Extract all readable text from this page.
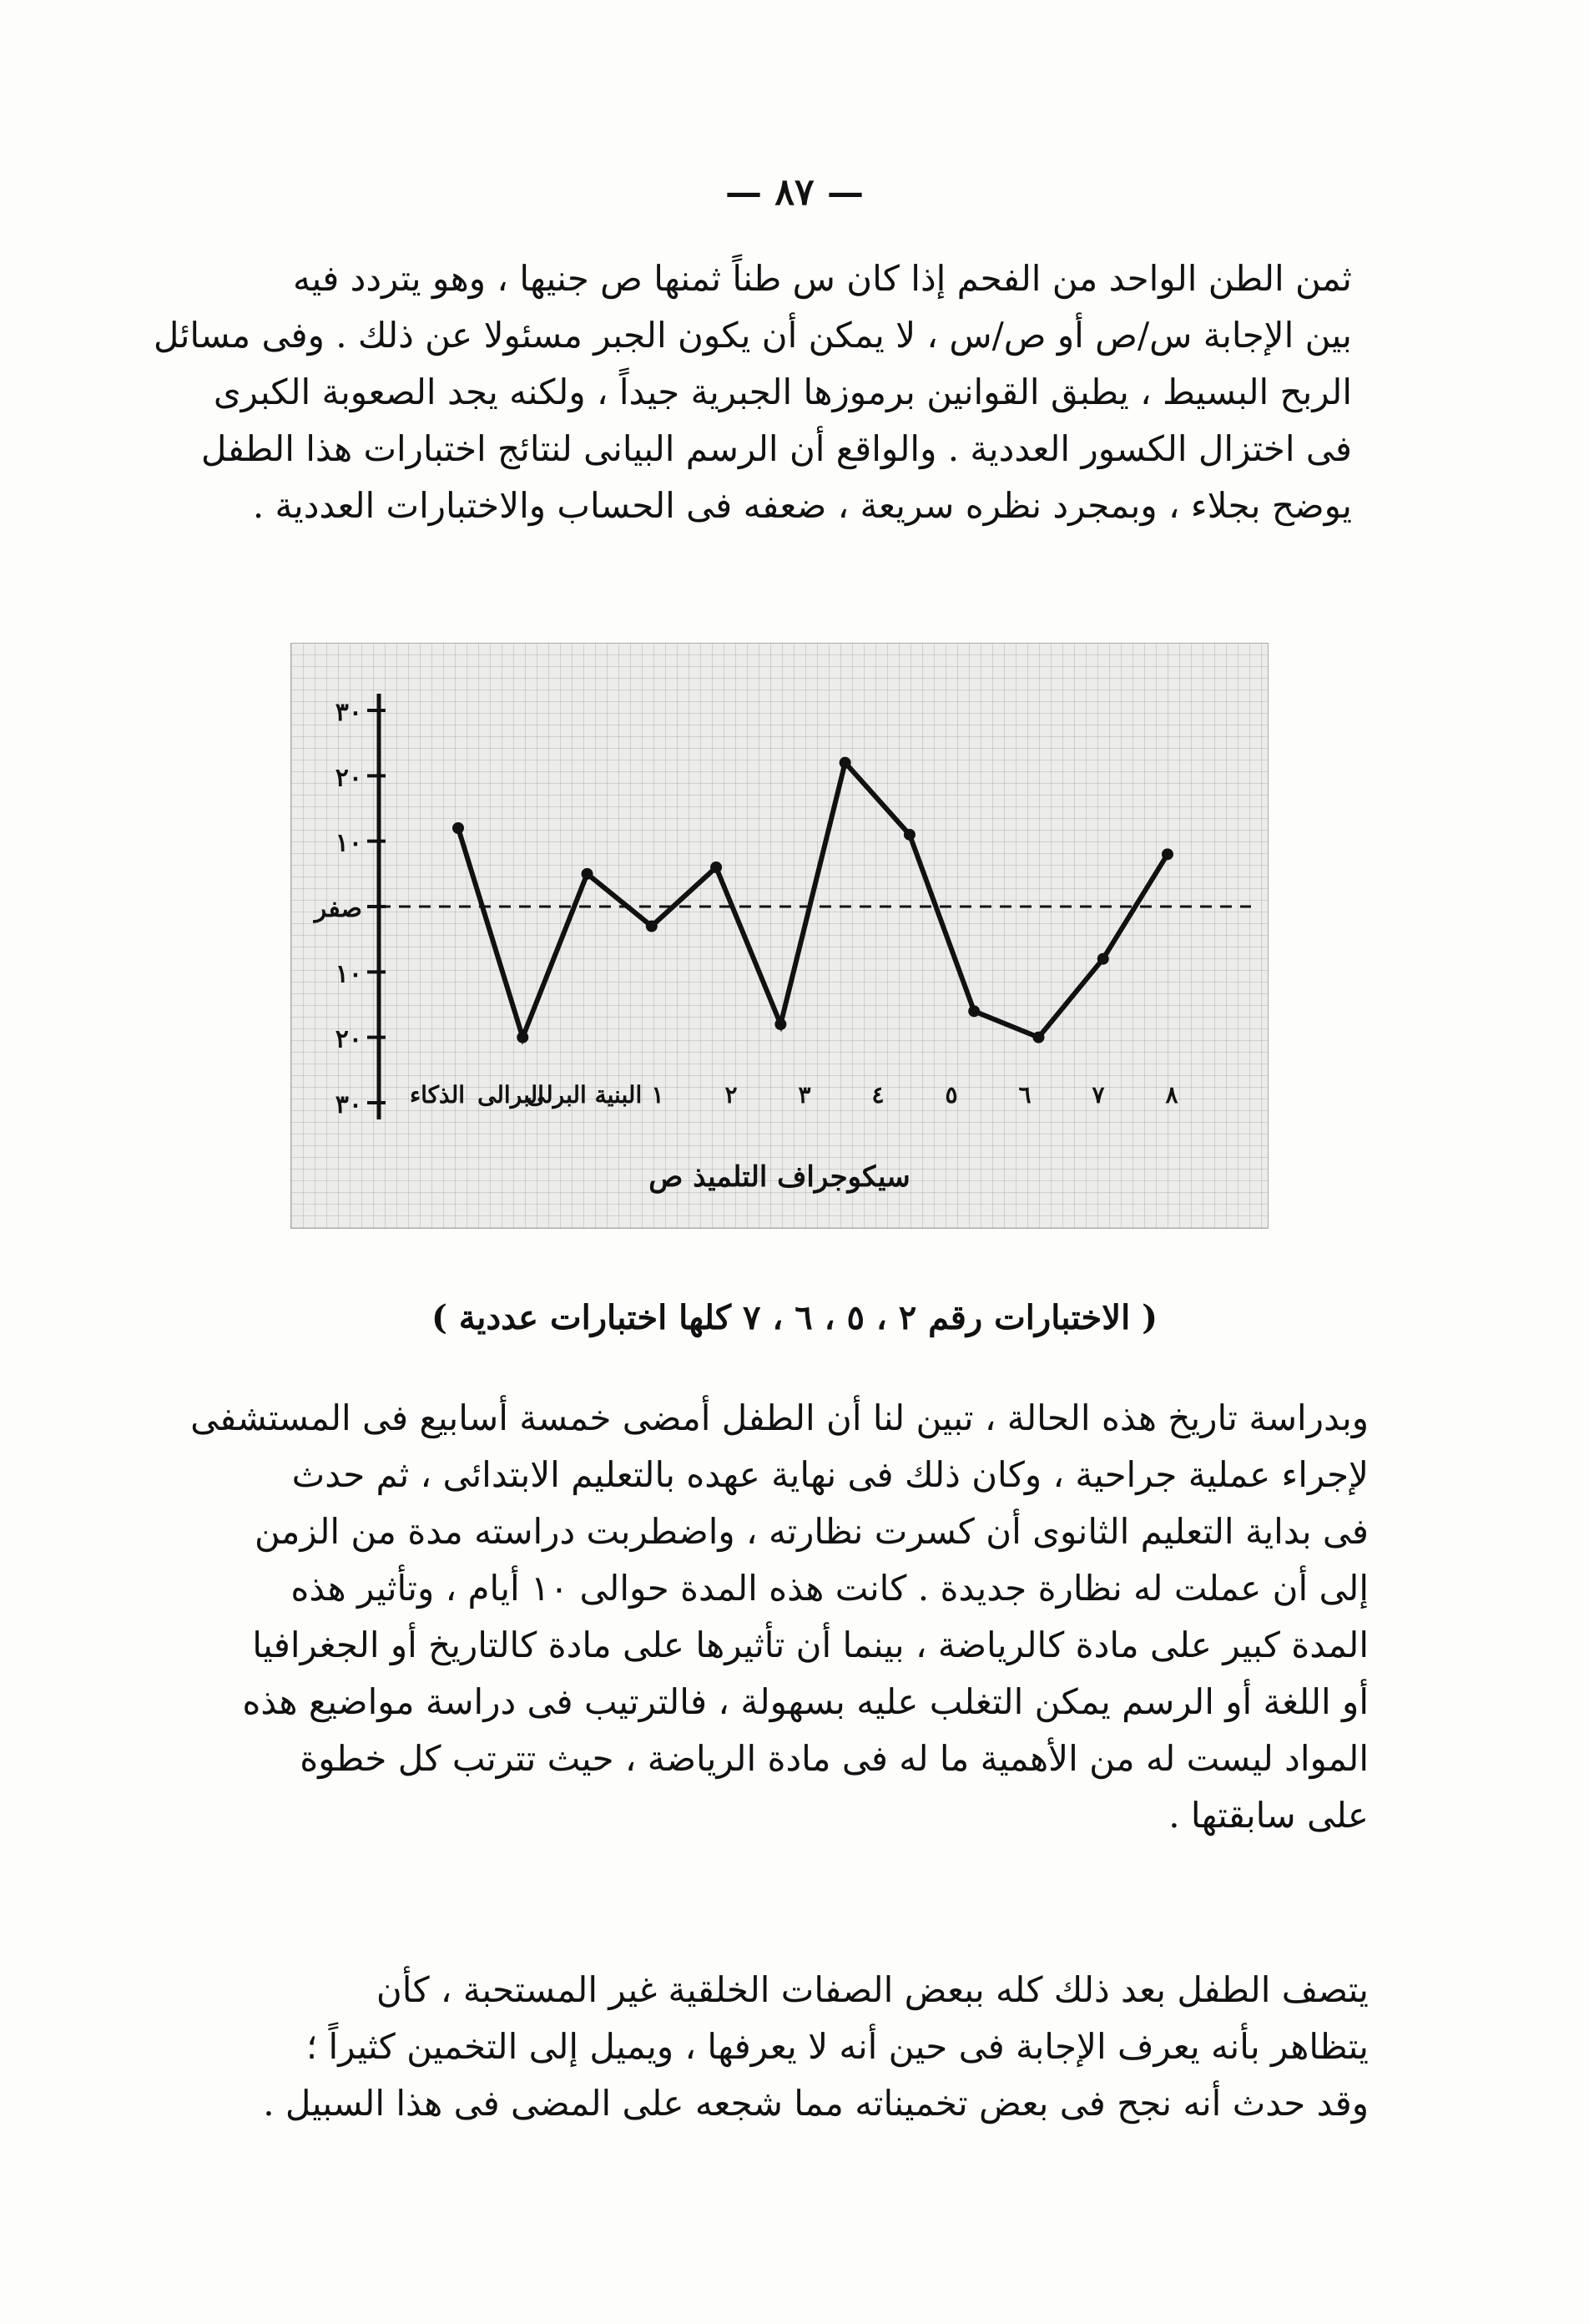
— ٨٧ —
ثمن الطن الواحد من الفحم إذا كان س طناً ثمنها ص جنيها ، وهو يتردد فيه
بين الإجابة س/ص أو ص/س ، لا يمكن أن يكون الجبر مسئولا عن ذلك . وفى مسائل
الربح البسيط ، يطبق القوانين برموزها الجبرية جيداً ، ولكنه يجد الصعوبة الكبرى
فى اختزال الكسور العددية . والواقع أن الرسم البيانى لنتائج اختبارات هذا الطفل
يوضح بجلاء ، وبمجرد نظره سريعة ، ضعفه فى الحساب والاختبارات العددية .
٣٠
٢٠
١٠
صفر
١٠
٢٠
٣٠ الذكاء البرالى
البنية البرلى ١	٢	٣	٤	٥	٦	٧	٨
سيكوجراف التلميذ ص
( الاختبارات رقم ٢ ، ٥ ، ٦ ، ٧ كلها اختبارات عددية )
وبدراسة تاريخ هذه الحالة ، تبين لنا أن الطفل أمضى خمسة أسابيع فى المستشفى
لإجراء عملية جراحية ، وكان ذلك فى نهاية عهده بالتعليم الابتدائى ، ثم حدث
فى بداية التعليم الثانوى أن كسرت نظارته ، واضطربت دراسته مدة من الزمن
إلى أن عملت له نظارة جديدة . كانت هذه المدة حوالى ١٠ أيام ، وتأثير هذه
المدة كبير على مادة كالرياضة ، بينما أن تأثيرها على مادة كالتاريخ أو الجغرافيا
أو اللغة أو الرسم يمكن التغلب عليه بسهولة ، فالترتيب فى دراسة مواضيع هذه
المواد ليست له من الأهمية ما له فى مادة الرياضة ، حيث تترتب كل خطوة
على سابقتها .
يتصف الطفل بعد ذلك كله ببعض الصفات الخلقية غير المستحبة ، كأن
يتظاهر بأنه يعرف الإجابة فى حين أنه لا يعرفها ، ويميل إلى التخمين كثيراً ؛
وقد حدث أنه نجح فى بعض تخميناته مما شجعه على المضى فى هذا السبيل .
